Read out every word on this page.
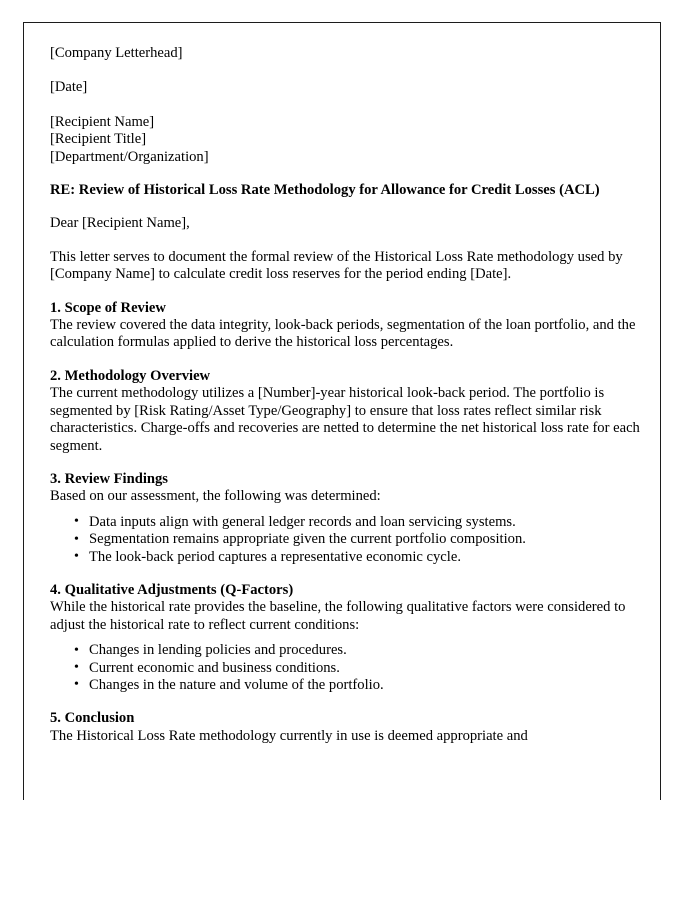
[Company Letterhead]

[Date]

[Recipient Name]

[Recipient Title]

[Department/Organization]

RE: Review of Historical Loss Rate Methodology for Allowance for Credit Losses (ACL)

Dear [Recipient Name],

This letter serves to document the formal review of the Historical Loss Rate methodology used by [Company Name] to calculate credit loss reserves for the period ending [Date].

1. Scope of Review

The review covered the data integrity, look-back periods, segmentation of the loan portfolio, and the calculation formulas applied to derive the historical loss percentages.

2. Methodology Overview

The current methodology utilizes a [Number]-year historical look-back period. The portfolio is segmented by [Risk Rating/Asset Type/Geography] to ensure that loss rates reflect similar risk characteristics. Charge-offs and recoveries are netted to determine the net historical loss rate for each segment.

3. Review Findings

Based on our assessment, the following was determined:

• Data inputs align with general ledger records and loan servicing systems.
• Segmentation remains appropriate given the current portfolio composition.
• The look-back period captures a representative economic cycle.

4. Qualitative Adjustments (Q-Factors)

While the historical rate provides the baseline, the following qualitative factors were considered to adjust the historical rate to reflect current conditions:

• Changes in lending policies and procedures.
• Current economic and business conditions.
• Changes in the nature and volume of the portfolio.

5. Conclusion

The Historical Loss Rate methodology currently in use is deemed appropriate and
